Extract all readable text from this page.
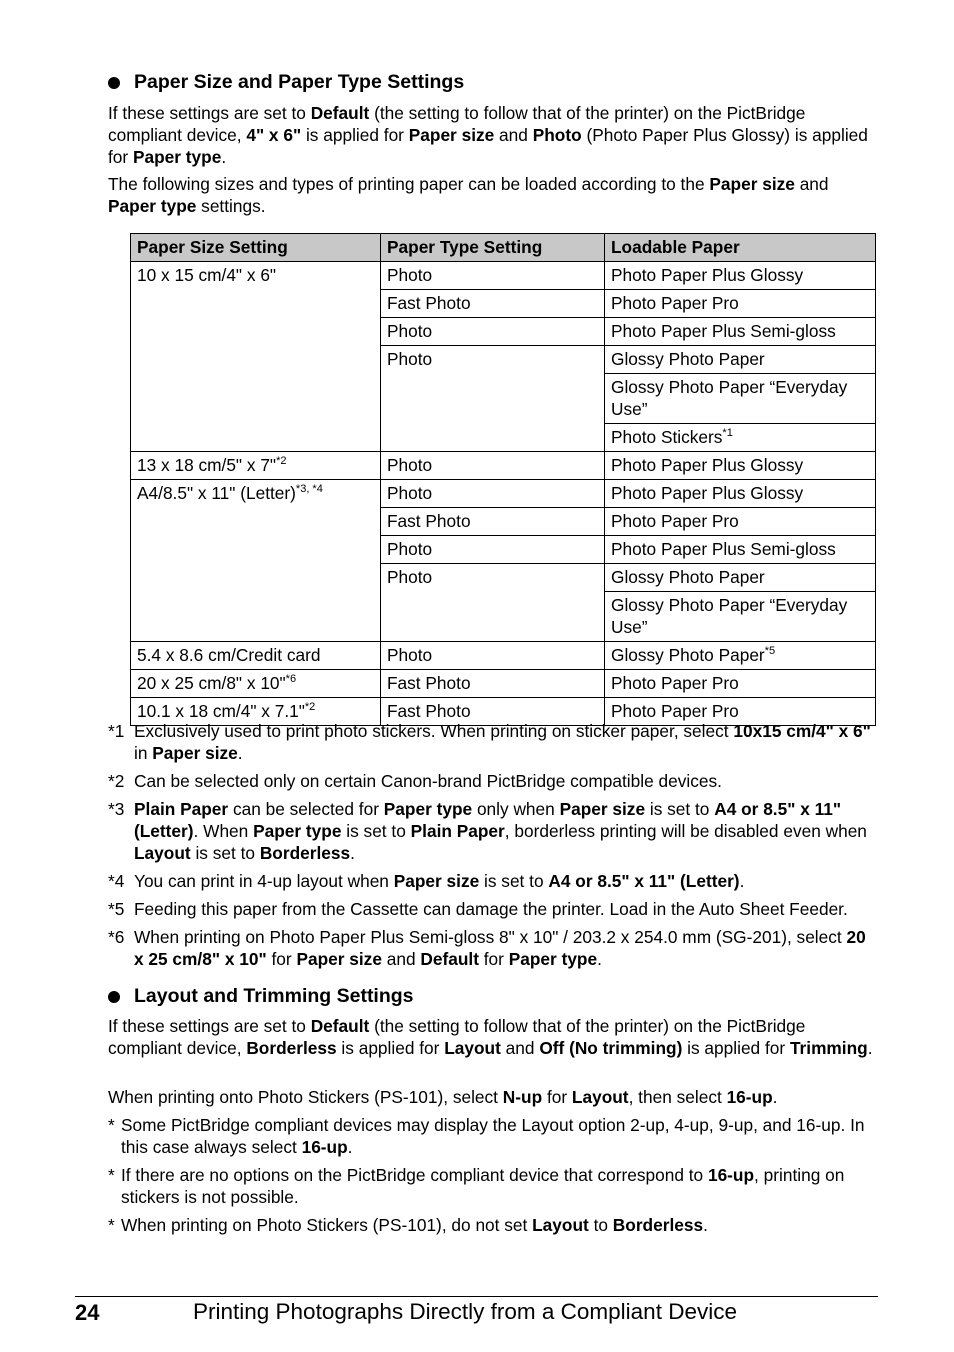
Paper Size and Paper Type Settings

If these settings are set to Default (the setting to follow that of the printer) on the PictBridge compliant device, 4" x 6" is applied for Paper size and Photo (Photo Paper Plus Glossy) is applied for Paper type.

The following sizes and types of printing paper can be loaded according to the Paper size and Paper type settings.

Paper Size Setting	Paper Type Setting	Loadable Paper
10 x 15 cm/4" x 6"	Photo	Photo Paper Plus Glossy
	Fast Photo	Photo Paper Pro
	Photo	Photo Paper Plus Semi-gloss
	Photo	Glossy Photo Paper
		Glossy Photo Paper “Everyday Use”
		Photo Stickers$^{*1}$
13 x 18 cm/5" x 7"$^{*2}$	Photo	Photo Paper Plus Glossy
A4/8.5" x 11" (Letter)$^{*3, *4}$	Photo	Photo Paper Plus Glossy
	Fast Photo	Photo Paper Pro
	Photo	Photo Paper Plus Semi-gloss
	Photo	Glossy Photo Paper
		Glossy Photo Paper “Everyday Use”
5.4 x 8.6 cm/Credit card	Photo	Glossy Photo Paper$^{*5}$
20 x 25 cm/8" x 10"$^{*6}$	Fast Photo	Photo Paper Pro
10.1 x 18 cm/4" x 7.1"$^{*2}$	Fast Photo	Photo Paper Pro
*1 Exclusively used to print photo stickers. When printing on sticker paper, select 10x15 cm/4" x 6" in Paper size.
*2 Can be selected only on certain Canon-brand PictBridge compatible devices.
*3 Plain Paper can be selected for Paper type only when Paper size is set to A4 or 8.5" x 11" (Letter). When Paper type is set to Plain Paper, borderless printing will be disabled even when Layout is set to Borderless.
*4 You can print in 4-up layout when Paper size is set to A4 or 8.5" x 11" (Letter).
*5 Feeding this paper from the Cassette can damage the printer. Load in the Auto Sheet Feeder.
*6 When printing on Photo Paper Plus Semi-gloss 8" x 10" / 203.2 x 254.0 mm (SG-201), select 20 x 25 cm/8" x 10" for Paper size and Default for Paper type.
Layout and Trimming Settings

If these settings are set to Default (the setting to follow that of the printer) on the PictBridge compliant device, Borderless is applied for Layout and Off (No trimming) is applied for Trimming.

When printing onto Photo Stickers (PS-101), select N-up for Layout, then select 16-up.

* Some PictBridge compliant devices may display the Layout option 2-up, 4-up, 9-up, and 16-up. In this case always select 16-up.
* If there are no options on the PictBridge compliant device that correspond to 16-up, printing on stickers is not possible.
* When printing on Photo Stickers (PS-101), do not set Layout to Borderless.
24	Printing Photographs Directly from a Compliant Device
